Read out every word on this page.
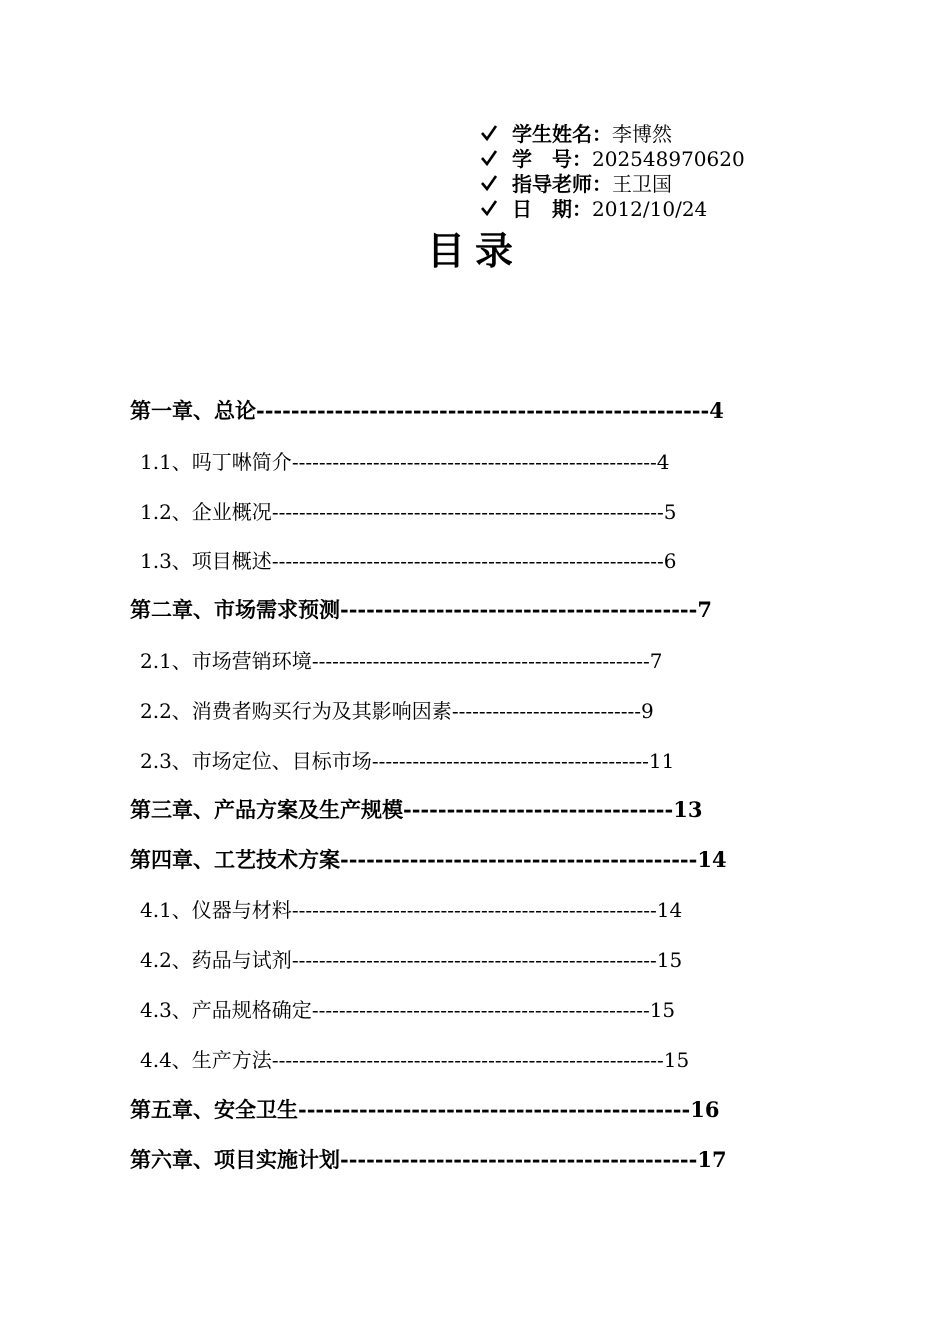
学生姓名：李博然
学　号：202548970620
指导老师：王卫国
日　期：2012/10/24
目录
第一章、总论----------------------------------------------------4
1.1、吗丁啉简介------------------------------------------------------4
1.2、企业概况----------------------------------------------------------5
1.3、项目概述----------------------------------------------------------6
第二章、市场需求预测-----------------------------------------7
2.1、市场营销环境--------------------------------------------------7
2.2、消费者购买行为及其影响因素----------------------------9
2.3、市场定位、目标市场-----------------------------------------11
第三章、产品方案及生产规模-------------------------------13
第四章、工艺技术方案-----------------------------------------14
4.1、仪器与材料------------------------------------------------------14
4.2、药品与试剂------------------------------------------------------15
4.3、产品规格确定--------------------------------------------------15
4.4、生产方法----------------------------------------------------------15
第五章、安全卫生---------------------------------------------16
第六章、项目实施计划-----------------------------------------17
